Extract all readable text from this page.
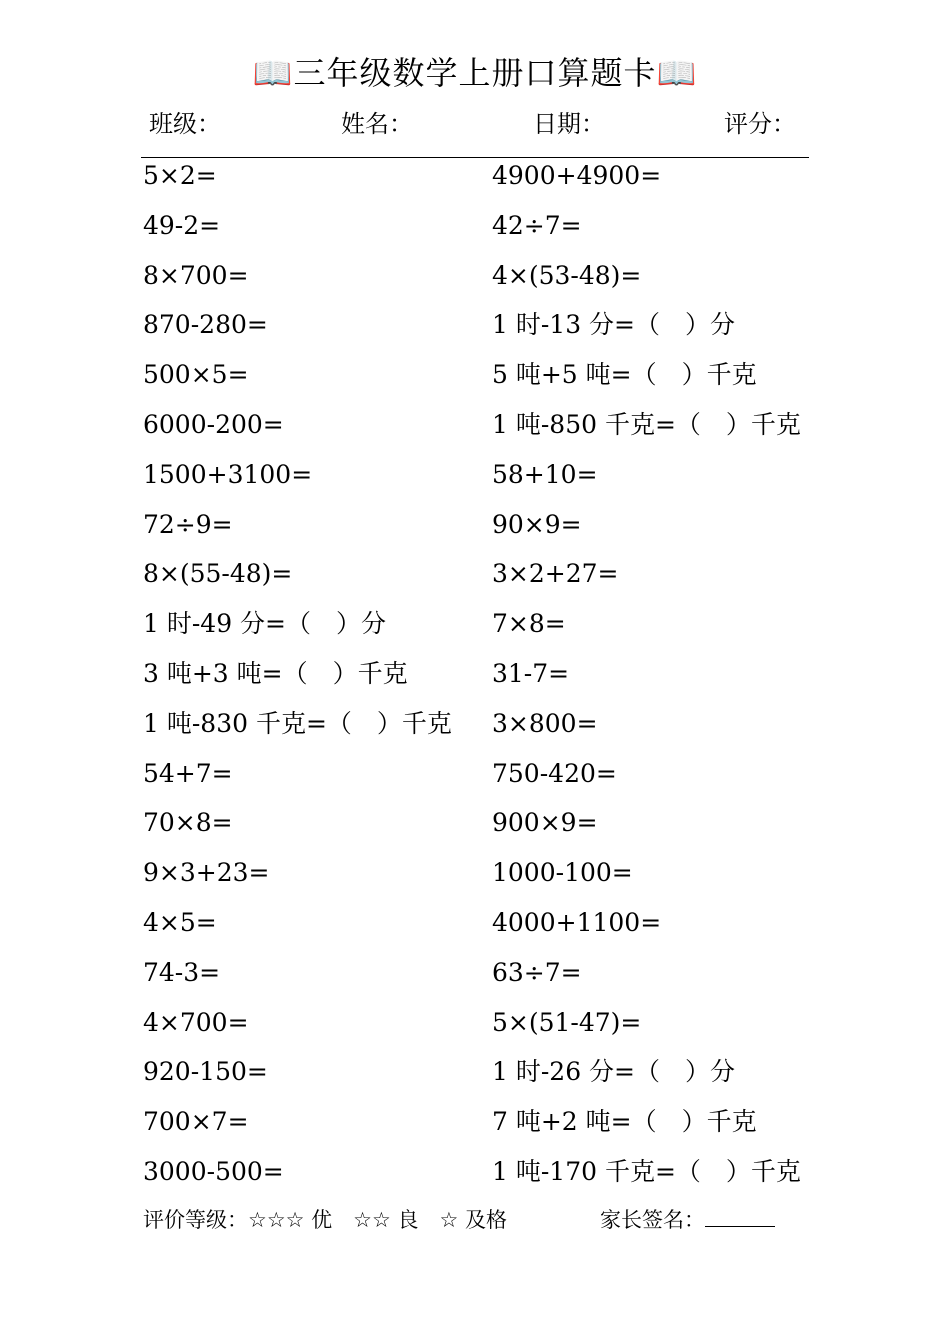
📖三年级数学上册口算题卡📖
班级：	姓名：	日期：	评分：
5×2=
49-2=
8×700=
870-280=
500×5=
6000-200=
1500+3100=
72÷9=
8×(55-48)=
1 时-49 分=（　）分
3 吨+3 吨=（　）千克
1 吨-830 千克=（　）千克
54+7=
70×8=
9×3+23=
4×5=
74-3=
4×700=
920-150=
700×7=
3000-500=
4900+4900=
42÷7=
4×(53-48)=
1 时-13 分=（　）分
5 吨+5 吨=（　）千克
1 吨-850 千克=（　）千克
58+10=
90×9=
3×2+27=
7×8=
31-7=
3×800=
750-420=
900×9=
1000-100=
4000+1100=
63÷7=
5×(51-47)=
1 时-26 分=（　）分
7 吨+2 吨=（　）千克
1 吨-170 千克=（　）千克
评价等级：☆☆☆ 优　☆☆ 良　☆ 及格	家长签名：
